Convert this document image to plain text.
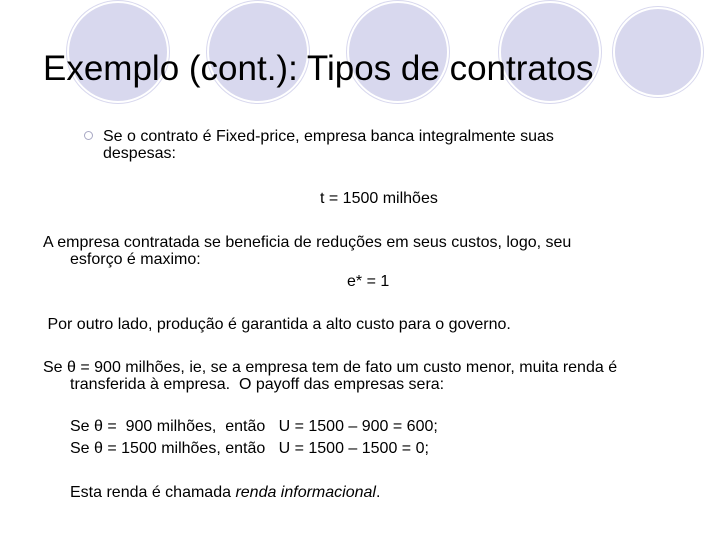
Exemplo (cont.): Tipos de contratos
Se o contrato é Fixed-price, empresa banca integralmente suas
despesas:
t = 1500 milhões
A empresa contratada se beneficia de reduções em seus custos, logo, seu
esforço é maximo:
e* = 1
Por outro lado, produção é garantida a alto custo para o governo.
Se θ = 900 milhões, ie, se a empresa tem de fato um custo menor, muita renda é
transferida à empresa.  O payoff das empresas sera:
Se θ =  900 milhões,  então   U = 1500 – 900 = 600;
Se θ = 1500 milhões, então   U = 1500 – 1500 = 0;
Esta renda é chamada renda informacional.
